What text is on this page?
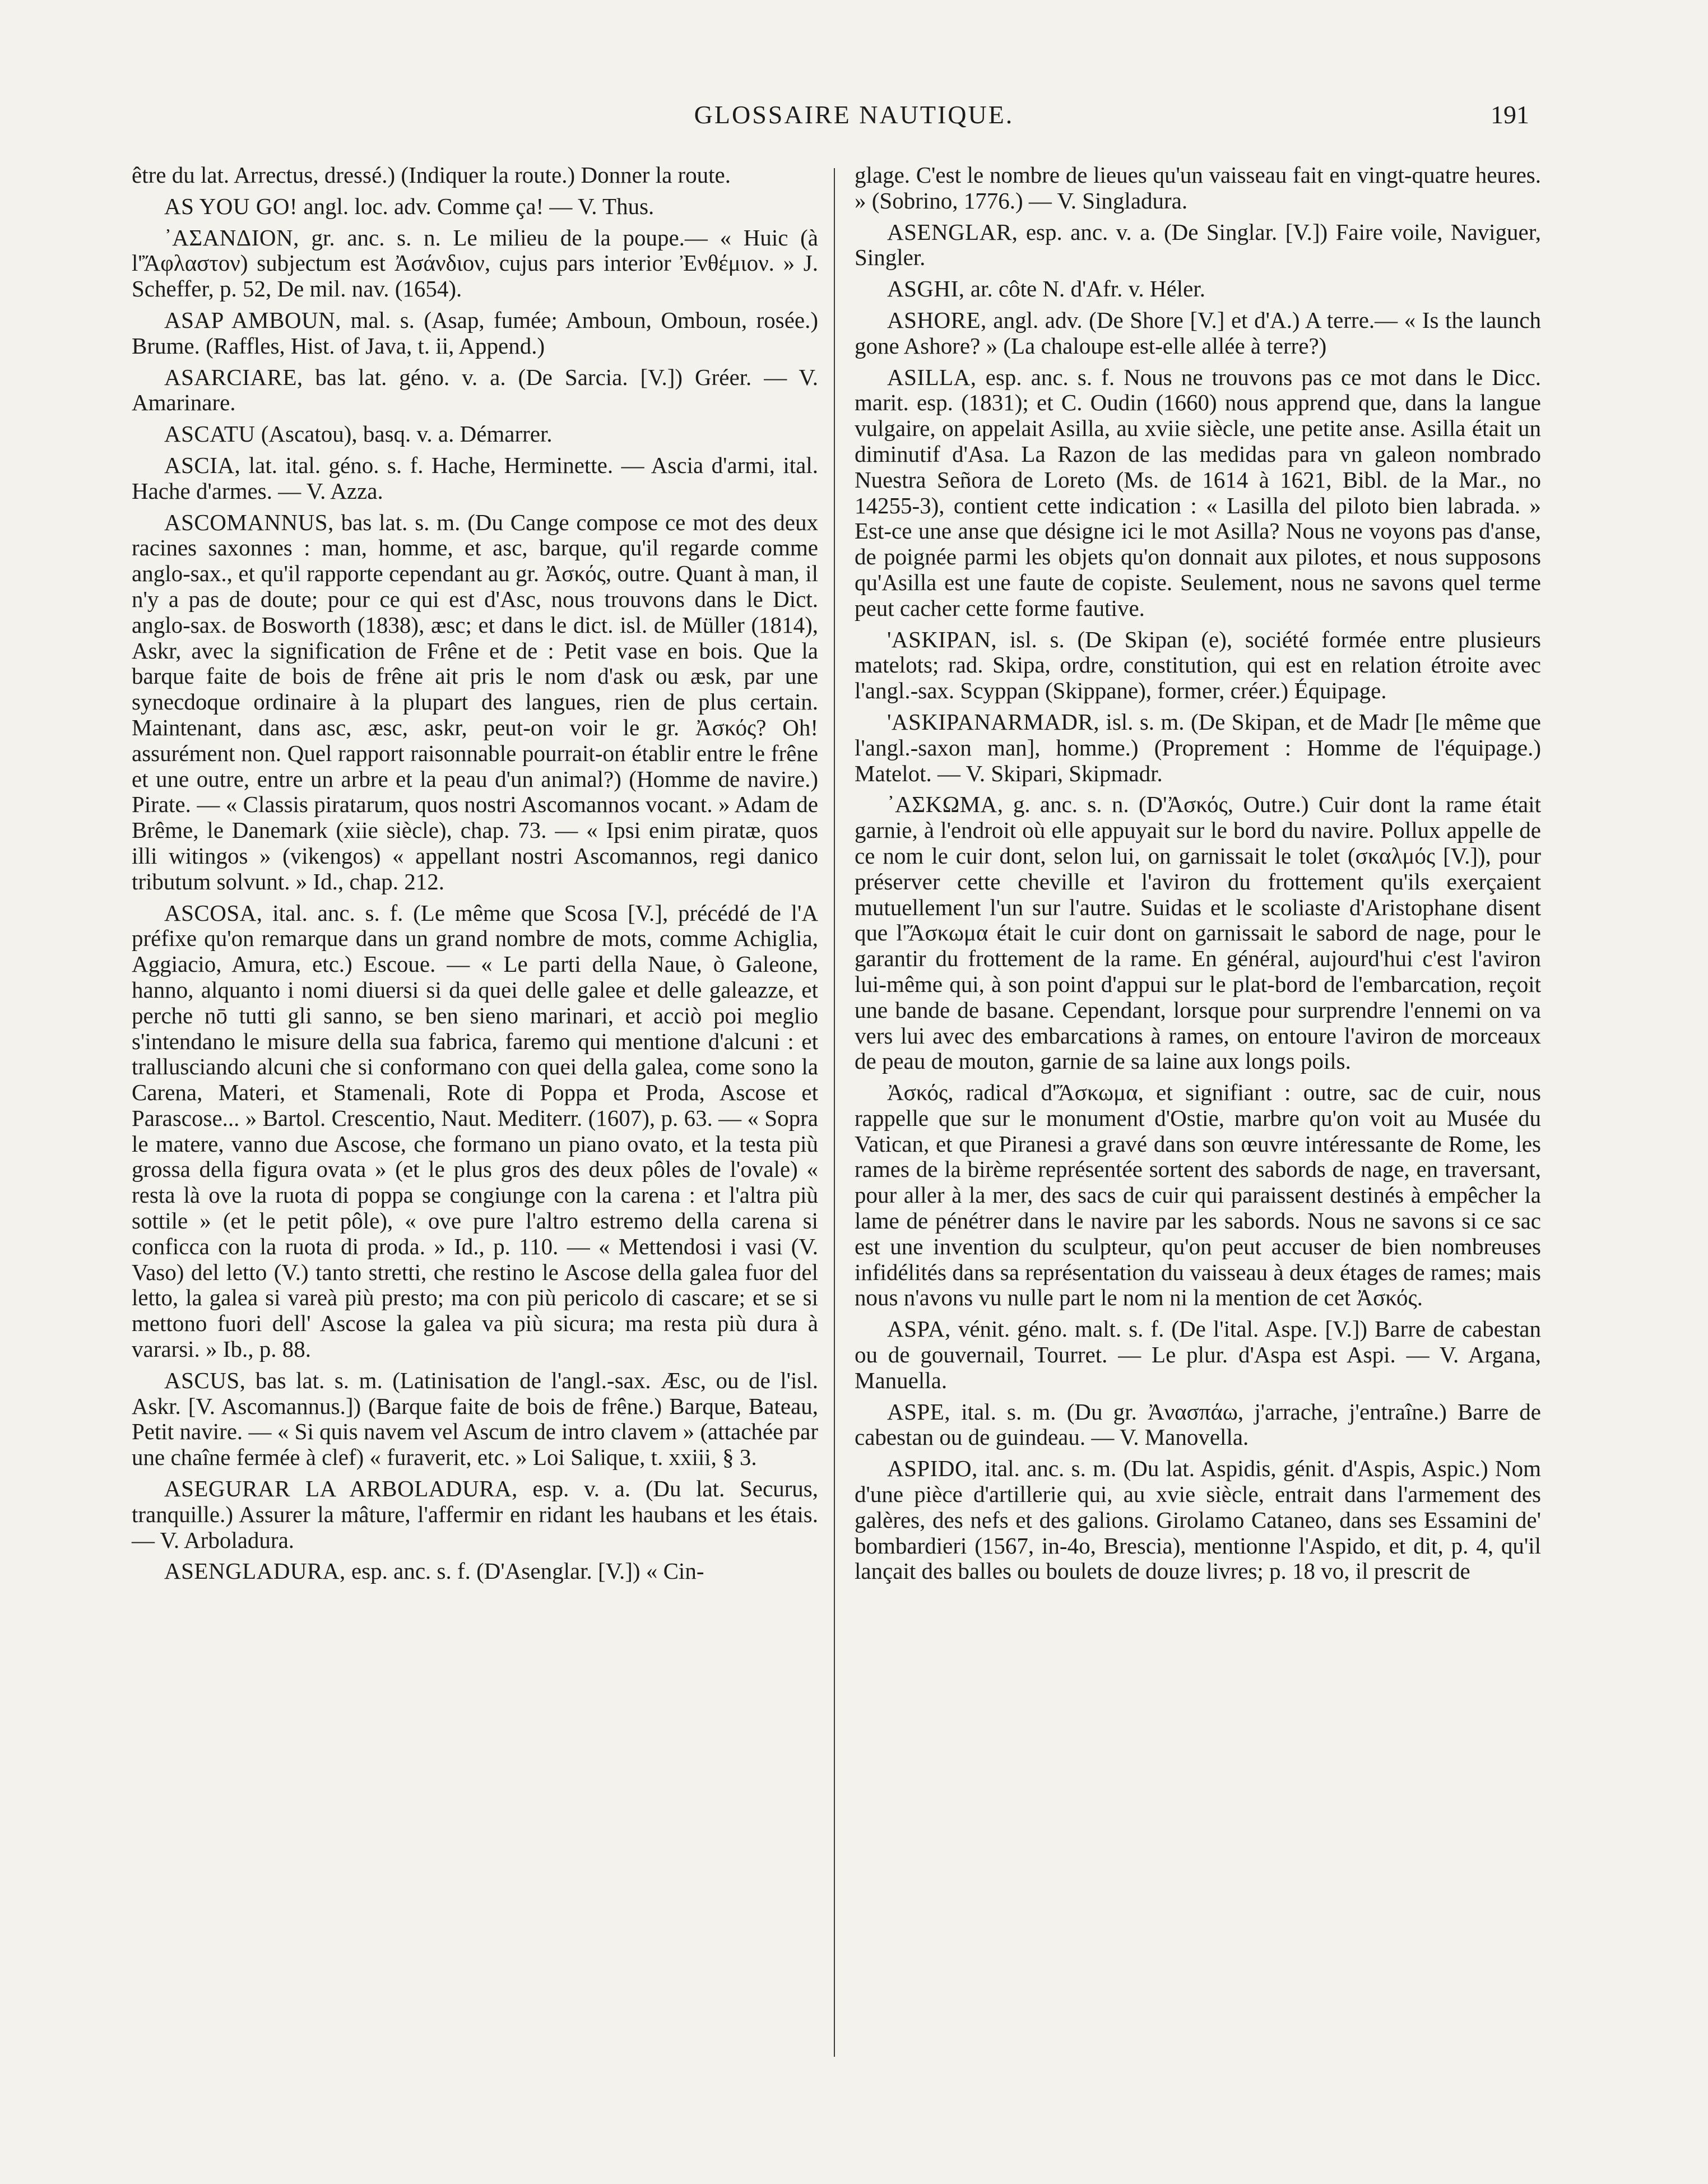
GLOSSAIRE NAUTIQUE.	191

être du lat. Arrectus, dressé.) (Indiquer la route.) Donner la route.

AS YOU GO! angl. loc. adv. Comme ça! — V. Thus.

᾿ΑΣΑΝΔΙΟΝ, gr. anc. s. n. Le milieu de la poupe.— « Huic (à l'Ἄφλαστον) subjectum est Ἀσάνδιον, cujus pars interior Ἐνθέμιον. » J. Scheffer, p. 52, De mil. nav. (1654).

ASAP AMBOUN, mal. s. (Asap, fumée; Amboun, Omboun, rosée.) Brume. (Raffles, Hist. of Java, t. ii, Append.)

ASARCIARE, bas lat. géno. v. a. (De Sarcia. [V.]) Gréer. — V. Amarinare.

ASCATU (Ascatou), basq. v. a. Démarrer.

ASCIA, lat. ital. géno. s. f. Hache, Herminette. — Ascia d'armi, ital. Hache d'armes. — V. Azza.

ASCOMANNUS, bas lat. s. m. (Du Cange compose ce mot des deux racines saxonnes : man, homme, et asc, barque, qu'il regarde comme anglo-sax., et qu'il rapporte cependant au gr. Ἀσκός, outre. Quant à man, il n'y a pas de doute; pour ce qui est d'Asc, nous trouvons dans le Dict. anglo-sax. de Bosworth (1838), æsc; et dans le dict. isl. de Müller (1814), Askr, avec la signification de Frêne et de : Petit vase en bois. Que la barque faite de bois de frêne ait pris le nom d'ask ou æsk, par une synecdoque ordinaire à la plupart des langues, rien de plus certain. Maintenant, dans asc, æsc, askr, peut-on voir le gr. Ἀσκός? Oh! assurément non. Quel rapport raisonnable pourrait-on établir entre le frêne et une outre, entre un arbre et la peau d'un animal?) (Homme de navire.) Pirate. — « Classis piratarum, quos nostri Ascomannos vocant. » Adam de Brême, le Danemark (xiie siècle), chap. 73. — « Ipsi enim piratæ, quos illi witingos » (vikengos) « appellant nostri Ascomannos, regi danico tributum solvunt. » Id., chap. 212.

ASCOSA, ital. anc. s. f. (Le même que Scosa [V.], précédé de l'A préfixe qu'on remarque dans un grand nombre de mots, comme Achiglia, Aggiacio, Amura, etc.) Escoue. — « Le parti della Naue, ò Galeone, hanno, alquanto i nomi diuersi si da quei delle galee et delle galeazze, et perche nō tutti gli sanno, se ben sieno marinari, et acciò poi meglio s'intendano le misure della sua fabrica, faremo qui mentione d'alcuni : et trallusciando alcuni che si conformano con quei della galea, come sono la Carena, Materi, et Stamenali, Rote di Poppa et Proda, Ascose et Parascose... » Bartol. Crescentio, Naut. Mediterr. (1607), p. 63. — « Sopra le matere, vanno due Ascose, che formano un piano ovato, et la testa più grossa della figura ovata » (et le plus gros des deux pôles de l'ovale) « resta là ove la ruota di poppa se congiunge con la carena : et l'altra più sottile » (et le petit pôle), « ove pure l'altro estremo della carena si conficca con la ruota di proda. » Id., p. 110. — « Mettendosi i vasi (V. Vaso) del letto (V.) tanto stretti, che restino le Ascose della galea fuor del letto, la galea si vareà più presto; ma con più pericolo di cascare; et se si mettono fuori dell' Ascose la galea va più sicura; ma resta più dura à vararsi. » Ib., p. 88.

ASCUS, bas lat. s. m. (Latinisation de l'angl.-sax. Æsc, ou de l'isl. Askr. [V. Ascomannus.]) (Barque faite de bois de frêne.) Barque, Bateau, Petit navire. — « Si quis navem vel Ascum de intro clavem » (attachée par une chaîne fermée à clef) « furaverit, etc. » Loi Salique, t. xxiii, § 3.

ASEGURAR LA ARBOLADURA, esp. v. a. (Du lat. Securus, tranquille.) Assurer la mâture, l'affermir en ridant les haubans et les étais. — V. Arboladura.

ASENGLADURA, esp. anc. s. f. (D'Asenglar. [V.]) « Cin-

glage. C'est le nombre de lieues qu'un vaisseau fait en vingt-quatre heures. » (Sobrino, 1776.) — V. Singladura.

ASENGLAR, esp. anc. v. a. (De Singlar. [V.]) Faire voile, Naviguer, Singler.

ASGHI, ar. côte N. d'Afr. v. Héler.

ASHORE, angl. adv. (De Shore [V.] et d'A.) A terre.— « Is the launch gone Ashore? » (La chaloupe est-elle allée à terre?)

ASILLA, esp. anc. s. f. Nous ne trouvons pas ce mot dans le Dicc. marit. esp. (1831); et C. Oudin (1660) nous apprend que, dans la langue vulgaire, on appelait Asilla, au xviie siècle, une petite anse. Asilla était un diminutif d'Asa. La Razon de las medidas para vn galeon nombrado Nuestra Señora de Loreto (Ms. de 1614 à 1621, Bibl. de la Mar., no 14255-3), contient cette indication : « Lasilla del piloto bien labrada. » Est-ce une anse que désigne ici le mot Asilla? Nous ne voyons pas d'anse, de poignée parmi les objets qu'on donnait aux pilotes, et nous supposons qu'Asilla est une faute de copiste. Seulement, nous ne savons quel terme peut cacher cette forme fautive.

'ASKIPAN, isl. s. (De Skipan (e), société formée entre plusieurs matelots; rad. Skipa, ordre, constitution, qui est en relation étroite avec l'angl.-sax. Scyppan (Skippane), former, créer.) Équipage.

'ASKIPANARMADR, isl. s. m. (De Skipan, et de Madr [le même que l'angl.-saxon man], homme.) (Proprement : Homme de l'équipage.) Matelot. — V. Skipari, Skipmadr.

᾿ΑΣΚΩΜΑ, g. anc. s. n. (D'Ἀσκός, Outre.) Cuir dont la rame était garnie, à l'endroit où elle appuyait sur le bord du navire. Pollux appelle de ce nom le cuir dont, selon lui, on garnissait le tolet (σκαλμός [V.]), pour préserver cette cheville et l'aviron du frottement qu'ils exerçaient mutuellement l'un sur l'autre. Suidas et le scoliaste d'Aristophane disent que l'Ἄσκωμα était le cuir dont on garnissait le sabord de nage, pour le garantir du frottement de la rame. En général, aujourd'hui c'est l'aviron lui-même qui, à son point d'appui sur le plat-bord de l'embarcation, reçoit une bande de basane. Cependant, lorsque pour surprendre l'ennemi on va vers lui avec des embarcations à rames, on entoure l'aviron de morceaux de peau de mouton, garnie de sa laine aux longs poils.

Ἀσκός, radical d'Ἄσκωμα, et signifiant : outre, sac de cuir, nous rappelle que sur le monument d'Ostie, marbre qu'on voit au Musée du Vatican, et que Piranesi a gravé dans son œuvre intéressante de Rome, les rames de la birème représentée sortent des sabords de nage, en traversant, pour aller à la mer, des sacs de cuir qui paraissent destinés à empêcher la lame de pénétrer dans le navire par les sabords. Nous ne savons si ce sac est une invention du sculpteur, qu'on peut accuser de bien nombreuses infidélités dans sa représentation du vaisseau à deux étages de rames; mais nous n'avons vu nulle part le nom ni la mention de cet Ἀσκός.

ASPA, vénit. géno. malt. s. f. (De l'ital. Aspe. [V.]) Barre de cabestan ou de gouvernail, Tourret. — Le plur. d'Aspa est Aspi. — V. Argana, Manuella.

ASPE, ital. s. m. (Du gr. Ἀνασπάω, j'arrache, j'entraîne.) Barre de cabestan ou de guindeau. — V. Manovella.

ASPIDO, ital. anc. s. m. (Du lat. Aspidis, génit. d'Aspis, Aspic.) Nom d'une pièce d'artillerie qui, au xvie siècle, entrait dans l'armement des galères, des nefs et des galions. Girolamo Cataneo, dans ses Essamini de' bombardieri (1567, in-4o, Brescia), mentionne l'Aspido, et dit, p. 4, qu'il lançait des balles ou boulets de douze livres; p. 18 vo, il prescrit de
